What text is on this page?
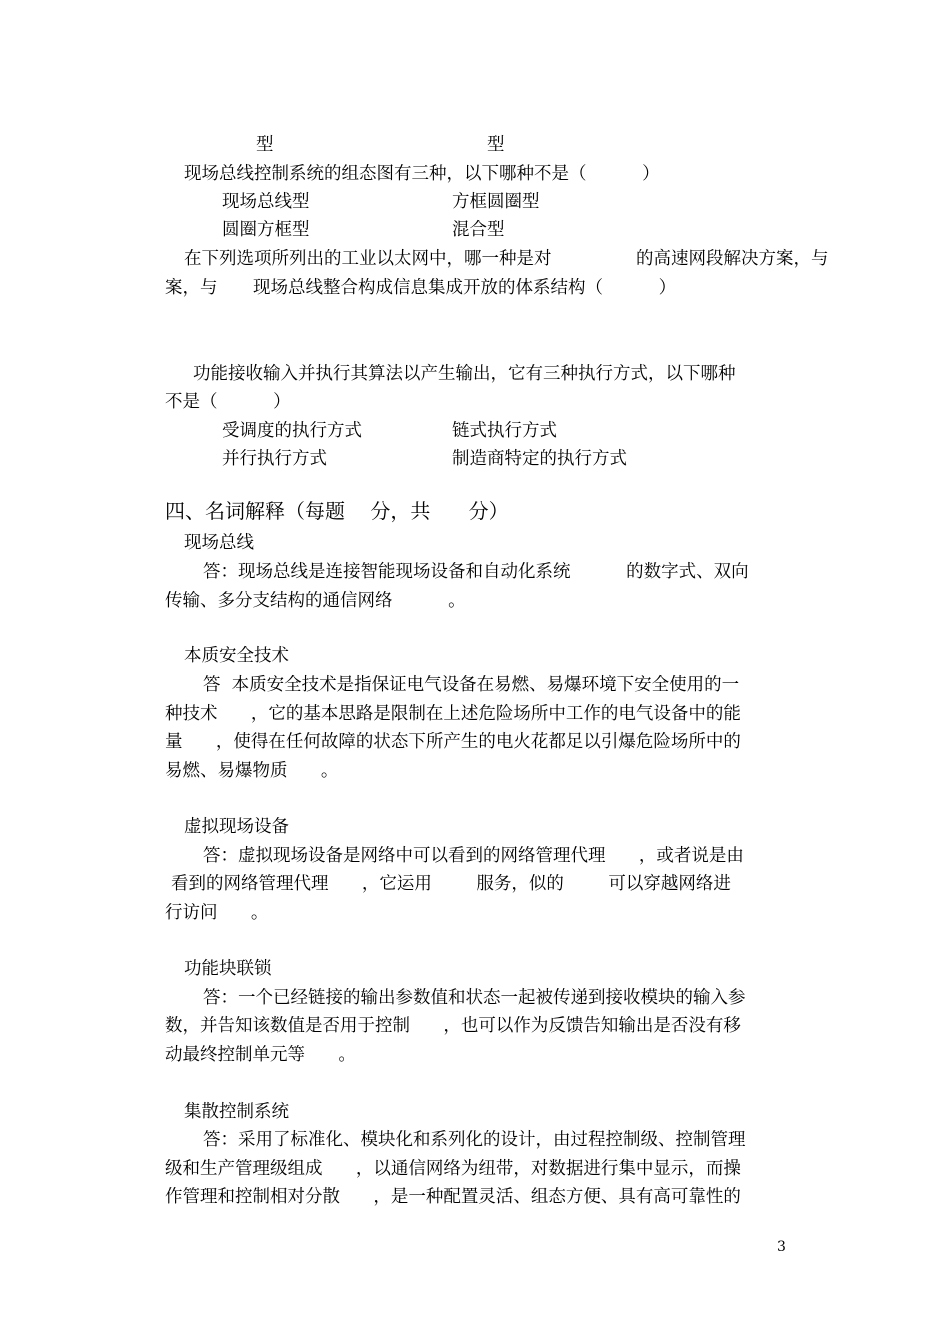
型	型
现场总线控制系统的组态图有三种，以下哪种不是（          ）
现场总线型	方框圆圈型
圆圈方框型	混合型
在下列选项所列出的工业以太网中，哪一种是对	的高速网段解决方案，与
现场总线整合构成信息集成开放的体系结构（          ）
案，与
功能接收输入并执行其算法以产生输出，它有三种执行方式，以下哪种
不是（          ）
受调度的执行方式	链式执行方式
并行执行方式	制造商特定的执行方式
四、名词解释（每题    分，共      分）
现场总线
答：现场总线是连接智能现场设备和自动化系统          的数字式、双向
传输、多分支结构的通信网络          。
本质安全技术
答  本质安全技术是指保证电气设备在易燃、易爆环境下安全使用的一
种技术      ，它的基本思路是限制在上述危险场所中工作的电气设备中的能
量      ，使得在任何故障的状态下所产生的电火花都足以引爆危险场所中的
易燃、易爆物质      。
虚拟现场设备
答：虚拟现场设备是网络中可以看到的网络管理代理      ，或者说是由
看到的网络管理代理      ，它运用        服务，似的        可以穿越网络进
行访问      。
功能块联锁
答：一个已经链接的输出参数值和状态一起被传递到接收模块的输入参
数，并告知该数值是否用于控制      ，也可以作为反馈告知输出是否没有移
动最终控制单元等      。
集散控制系统
答：采用了标准化、模块化和系列化的设计，由过程控制级、控制管理
级和生产管理级组成      ，以通信网络为纽带，对数据进行集中显示，而操
作管理和控制相对分散      ，是一种配置灵活、组态方便、具有高可靠性的
3
